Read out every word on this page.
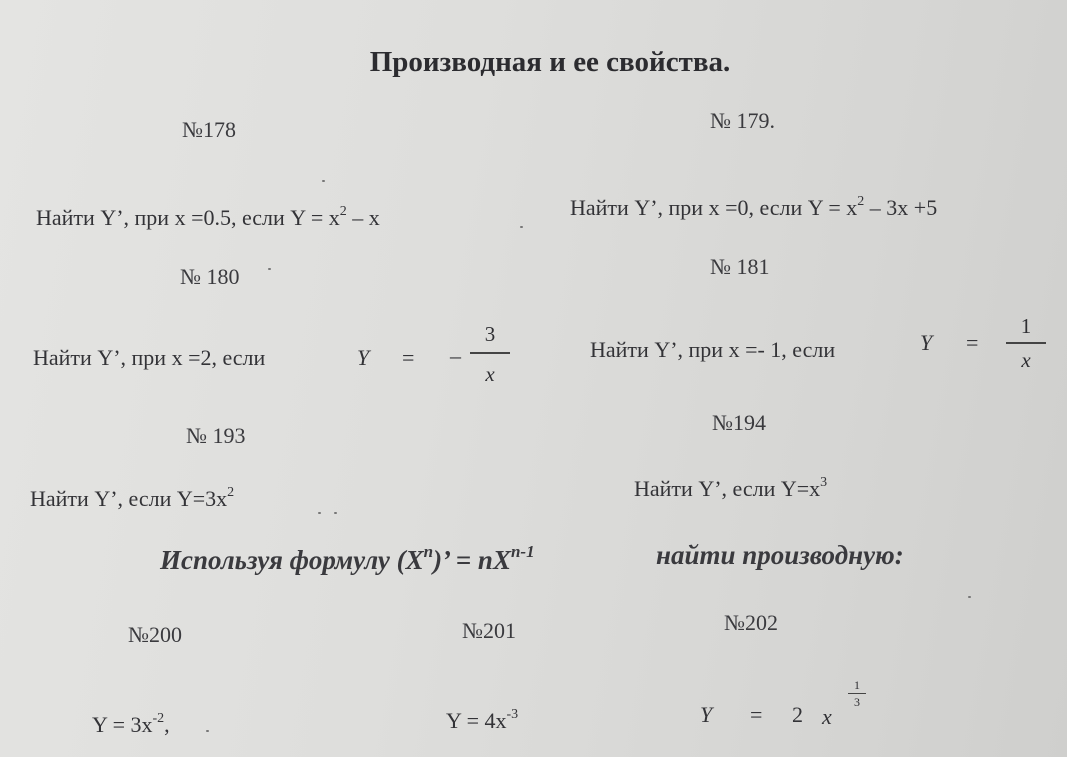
Производная и ее свойства.
№178
Найти Y’, при x =0.5, если $Y = x^2 - x$
№ 179.
Найти Y’, при x =0, если $Y = x^2 - 3x +5$
№ 180
Найти Y’, при x =2, если	Y = –
3
x
№ 181
Найти Y’, при x =- 1, если	Y =
1
x
№ 193
Найти Y’, если $Y=3x^2$
№194
Найти Y’, если $Y=x^3$
Используя формулу $(X^n)$’ = $nX^{n-1}$	найти производную:
№200
$Y = 3x^{-2}$,
№201
$Y = 4x^{-3}$
№202
Y = 2 x
1
3
